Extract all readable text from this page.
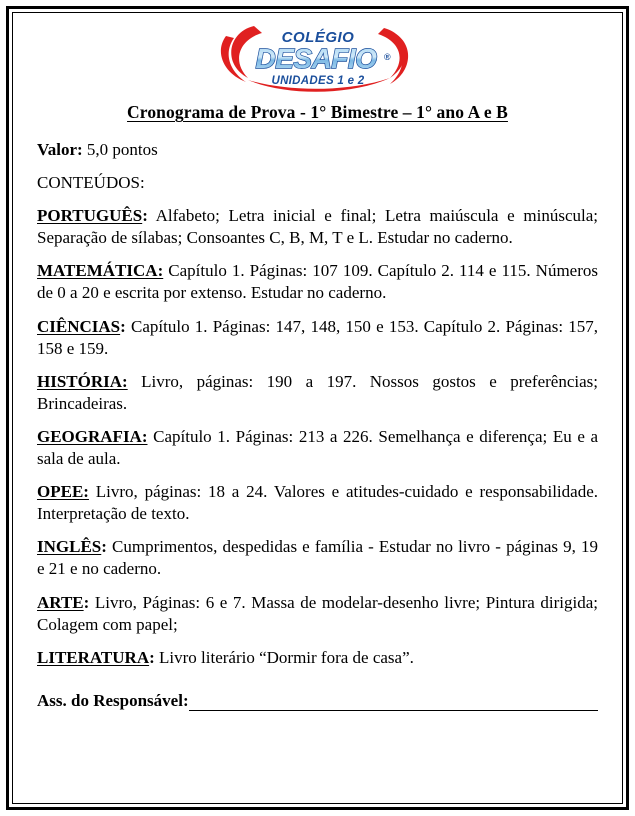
COLÉGIO
DESAFIO ®
UNIDADES 1 e 2
Cronograma de Prova - 1° Bimestre – 1° ano A e B

Valor: 5,0 pontos

CONTEÚDOS:

PORTUGUÊS: Alfabeto; Letra inicial e final; Letra maiúscula e minúscula; Separação de sílabas; Consoantes C, B, M, T e L. Estudar no caderno.

MATEMÁTICA: Capítulo 1. Páginas: 107 109. Capítulo 2. 114 e 115. Números de 0 a 20 e escrita por extenso. Estudar no caderno.

CIÊNCIAS: Capítulo 1. Páginas: 147, 148, 150 e 153. Capítulo 2. Páginas: 157, 158 e 159.

HISTÓRIA: Livro, páginas: 190 a 197. Nossos gostos e preferências; Brincadeiras.

GEOGRAFIA: Capítulo 1. Páginas: 213 a 226. Semelhança e diferença; Eu e a sala de aula.

OPEE: Livro, páginas: 18 a 24. Valores e atitudes-cuidado e responsabilidade. Interpretação de texto.

INGLÊS: Cumprimentos, despedidas e família - Estudar no livro - páginas 9, 19 e 21 e no caderno.

ARTE: Livro, Páginas: 6 e 7. Massa de modelar-desenho livre; Pintura dirigida; Colagem com papel;

LITERATURA: Livro literário “Dormir fora de casa”.

Ass. do Responsável:
